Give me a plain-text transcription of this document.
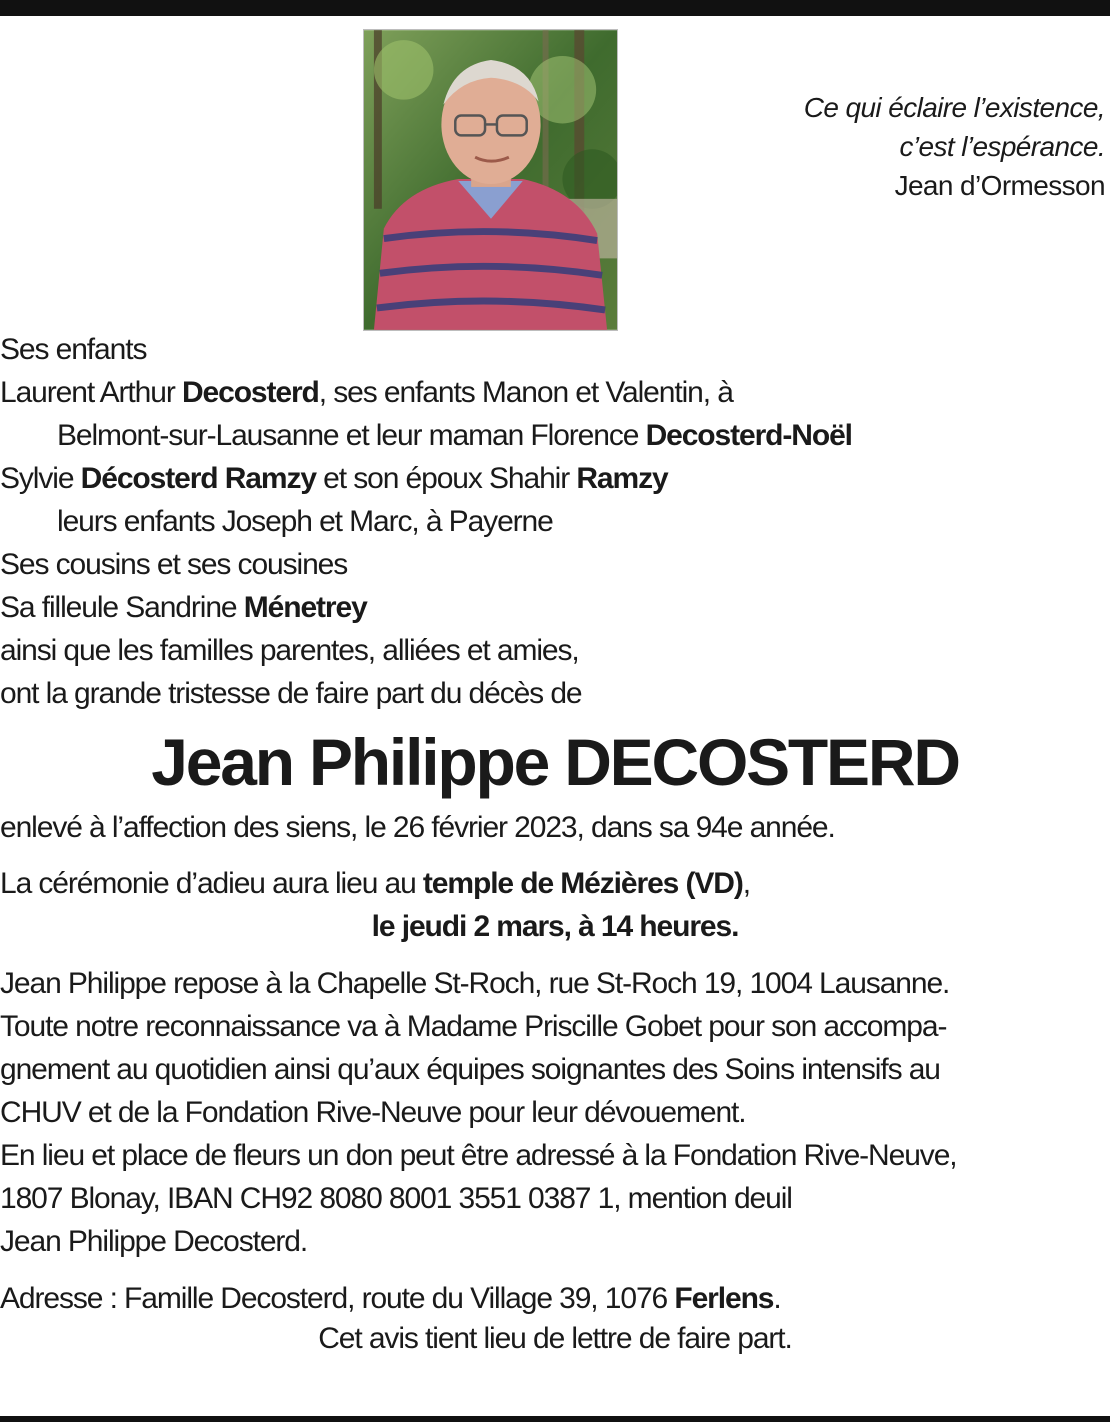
Ce qui éclaire l’existence,
c’est l’espérance.
Jean d’Ormesson
Ses enfants
Laurent Arthur Decosterd, ses enfants Manon et Valentin, à
Belmont-sur-Lausanne et leur maman Florence Decosterd-Noël
Sylvie Décosterd Ramzy et son époux Shahir Ramzy
leurs enfants Joseph et Marc, à Payerne
Ses cousins et ses cousines
Sa filleule Sandrine Ménetrey
ainsi que les familles parentes, alliées et amies,
ont la grande tristesse de faire part du décès de
Jean Philippe DECOSTERD
enlevé à l’affection des siens, le 26 février 2023, dans sa 94e année.
La cérémonie d’adieu aura lieu au temple de Mézières (VD),
le jeudi 2 mars, à 14 heures.
Jean Philippe repose à la Chapelle St-Roch, rue St-Roch 19, 1004 Lausanne.
Toute notre reconnaissance va à Madame Priscille Gobet pour son accompa-
gnement au quotidien ainsi qu’aux équipes soignantes des Soins intensifs au
CHUV et de la Fondation Rive-Neuve pour leur dévouement.
En lieu et place de fleurs un don peut être adressé à la Fondation Rive-Neuve,
1807 Blonay, IBAN CH92 8080 8001 3551 0387 1, mention deuil
Jean Philippe Decosterd.
Adresse : Famille Decosterd, route du Village 39, 1076 Ferlens.
Cet avis tient lieu de lettre de faire part.
